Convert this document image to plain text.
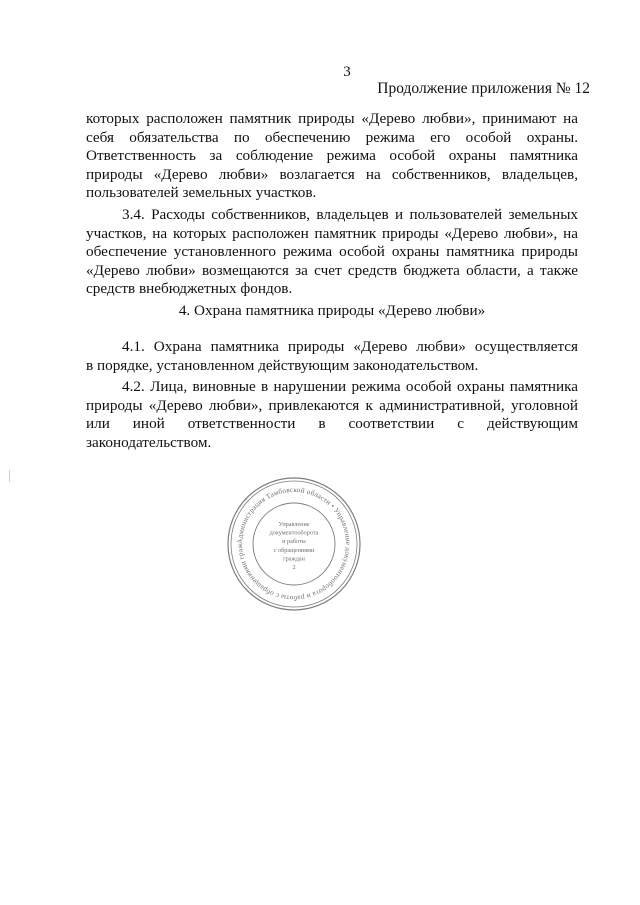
3
Продолжение приложения № 12
которых расположен памятник природы «Дерево любви», принимают на
себя обязательства по обеспечению режима его особой охраны.
Ответственность за соблюдение режима особой охраны памятника
природы «Дерево любви» возлагается на собственников, владельцев,
пользователей земельных участков.
3.4. Расходы собственников, владельцев и пользователей земельных
участков, на которых расположен памятник природы «Дерево любви», на
обеспечение установленного режима особой охраны памятника природы
«Дерево любви» возмещаются за счет средств бюджета области, а также
средств внебюджетных фондов.
4. Охрана памятника природы «Дерево любви»
4.1. Охрана памятника природы «Дерево любви» осуществляется
в порядке, установленном действующим законодательством.
4.2. Лица, виновные в нарушении режима особой охраны памятника
природы «Дерево любви», привлекаются к административной, уголовной
или иной ответственности в соответствии с действующим
законодательством.
Администрация Тамбовской области • Управление документооборота и работы с обращениями граж
Управление
документооборота
и работы
с обращениями
граждан
2
